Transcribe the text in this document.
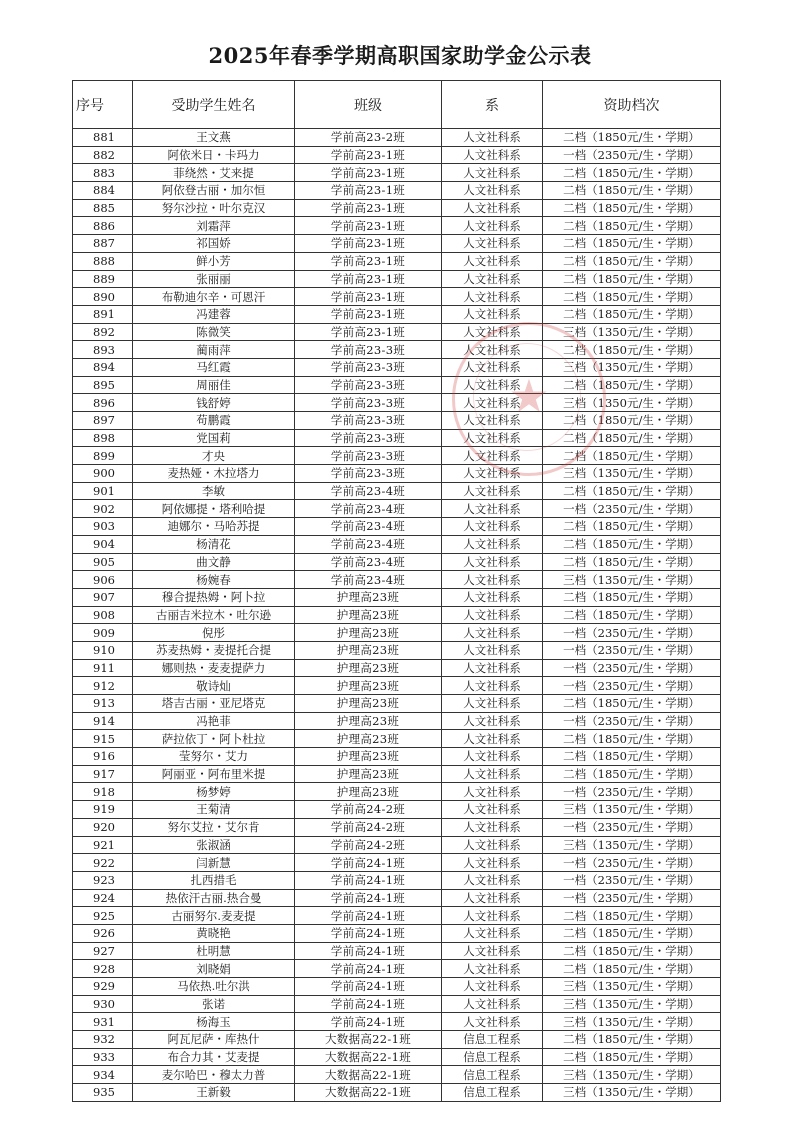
2025年春季学期高职国家助学金公示表
序号	受助学生姓名	班级	系	资助档次
881	王文燕	学前高23-2班	人文社科系	二档（1850元/生・学期）
882	阿依米日・卡玛力	学前高23-1班	人文社科系	一档（2350元/生・学期）
883	菲绕然・艾来提	学前高23-1班	人文社科系	二档（1850元/生・学期）
884	阿依登古丽・加尔恒	学前高23-1班	人文社科系	二档（1850元/生・学期）
885	努尔沙拉・叶尔克汉	学前高23-1班	人文社科系	二档（1850元/生・学期）
886	刘霜萍	学前高23-1班	人文社科系	二档（1850元/生・学期）
887	祁国娇	学前高23-1班	人文社科系	二档（1850元/生・学期）
888	鲜小芳	学前高23-1班	人文社科系	二档（1850元/生・学期）
889	张丽丽	学前高23-1班	人文社科系	二档（1850元/生・学期）
890	布勒迪尔辛・可恩汗	学前高23-1班	人文社科系	二档（1850元/生・学期）
891	冯建蓉	学前高23-1班	人文社科系	二档（1850元/生・学期）
892	陈微笑	学前高23-1班	人文社科系	三档（1350元/生・学期）
893	蔺雨萍	学前高23-3班	人文社科系	二档（1850元/生・学期）
894	马红霞	学前高23-3班	人文社科系	三档（1350元/生・学期）
895	周丽佳	学前高23-3班	人文社科系	二档（1850元/生・学期）
896	钱舒婷	学前高23-3班	人文社科系	三档（1350元/生・学期）
897	苟鹏霞	学前高23-3班	人文社科系	二档（1850元/生・学期）
898	党国莉	学前高23-3班	人文社科系	二档（1850元/生・学期）
899	才央	学前高23-3班	人文社科系	二档（1850元/生・学期）
900	麦热娅・木拉塔力	学前高23-3班	人文社科系	三档（1350元/生・学期）
901	李敏	学前高23-4班	人文社科系	二档（1850元/生・学期）
902	阿依娜提・塔利哈提	学前高23-4班	人文社科系	一档（2350元/生・学期）
903	迪娜尔・马哈苏提	学前高23-4班	人文社科系	二档（1850元/生・学期）
904	杨清花	学前高23-4班	人文社科系	二档（1850元/生・学期）
905	曲文静	学前高23-4班	人文社科系	二档（1850元/生・学期）
906	杨婉春	学前高23-4班	人文社科系	三档（1350元/生・学期）
907	穆合提热姆・阿卜拉	护理高23班	人文社科系	二档（1850元/生・学期）
908	古丽吉米拉木・吐尔逊	护理高23班	人文社科系	二档（1850元/生・学期）
909	倪彤	护理高23班	人文社科系	一档（2350元/生・学期）
910	苏麦热姆・麦提托合提	护理高23班	人文社科系	一档（2350元/生・学期）
911	娜则热・麦麦提萨力	护理高23班	人文社科系	一档（2350元/生・学期）
912	敬诗灿	护理高23班	人文社科系	一档（2350元/生・学期）
913	塔吉古丽・亚尼塔克	护理高23班	人文社科系	二档（1850元/生・学期）
914	冯艳菲	护理高23班	人文社科系	一档（2350元/生・学期）
915	萨拉依丁・阿卜杜拉	护理高23班	人文社科系	二档（1850元/生・学期）
916	莹努尔・艾力	护理高23班	人文社科系	二档（1850元/生・学期）
917	阿丽亚・阿布里米提	护理高23班	人文社科系	二档（1850元/生・学期）
918	杨梦婷	护理高23班	人文社科系	一档（2350元/生・学期）
919	王菊清	学前高24-2班	人文社科系	三档（1350元/生・学期）
920	努尔艾拉・艾尔肯	学前高24-2班	人文社科系	一档（2350元/生・学期）
921	张淑涵	学前高24-2班	人文社科系	三档（1350元/生・学期）
922	闫新慧	学前高24-1班	人文社科系	一档（2350元/生・学期）
923	扎西措毛	学前高24-1班	人文社科系	一档（2350元/生・学期）
924	热依汗古丽.热合曼	学前高24-1班	人文社科系	一档（2350元/生・学期）
925	古丽努尔.麦麦提	学前高24-1班	人文社科系	二档（1850元/生・学期）
926	黄晓艳	学前高24-1班	人文社科系	二档（1850元/生・学期）
927	杜明慧	学前高24-1班	人文社科系	二档（1850元/生・学期）
928	刘晓娟	学前高24-1班	人文社科系	二档（1850元/生・学期）
929	马依热.吐尔洪	学前高24-1班	人文社科系	三档（1350元/生・学期）
930	张诺	学前高24-1班	人文社科系	三档（1350元/生・学期）
931	杨海玉	学前高24-1班	人文社科系	三档（1350元/生・学期）
932	阿瓦尼萨・库热什	大数据高22-1班	信息工程系	二档（1850元/生・学期）
933	布合力其・艾麦提	大数据高22-1班	信息工程系	二档（1850元/生・学期）
934	麦尔哈巴・穆太力普	大数据高22-1班	信息工程系	三档（1350元/生・学期）
935	王新毅	大数据高22-1班	信息工程系	三档（1350元/生・学期）
★
